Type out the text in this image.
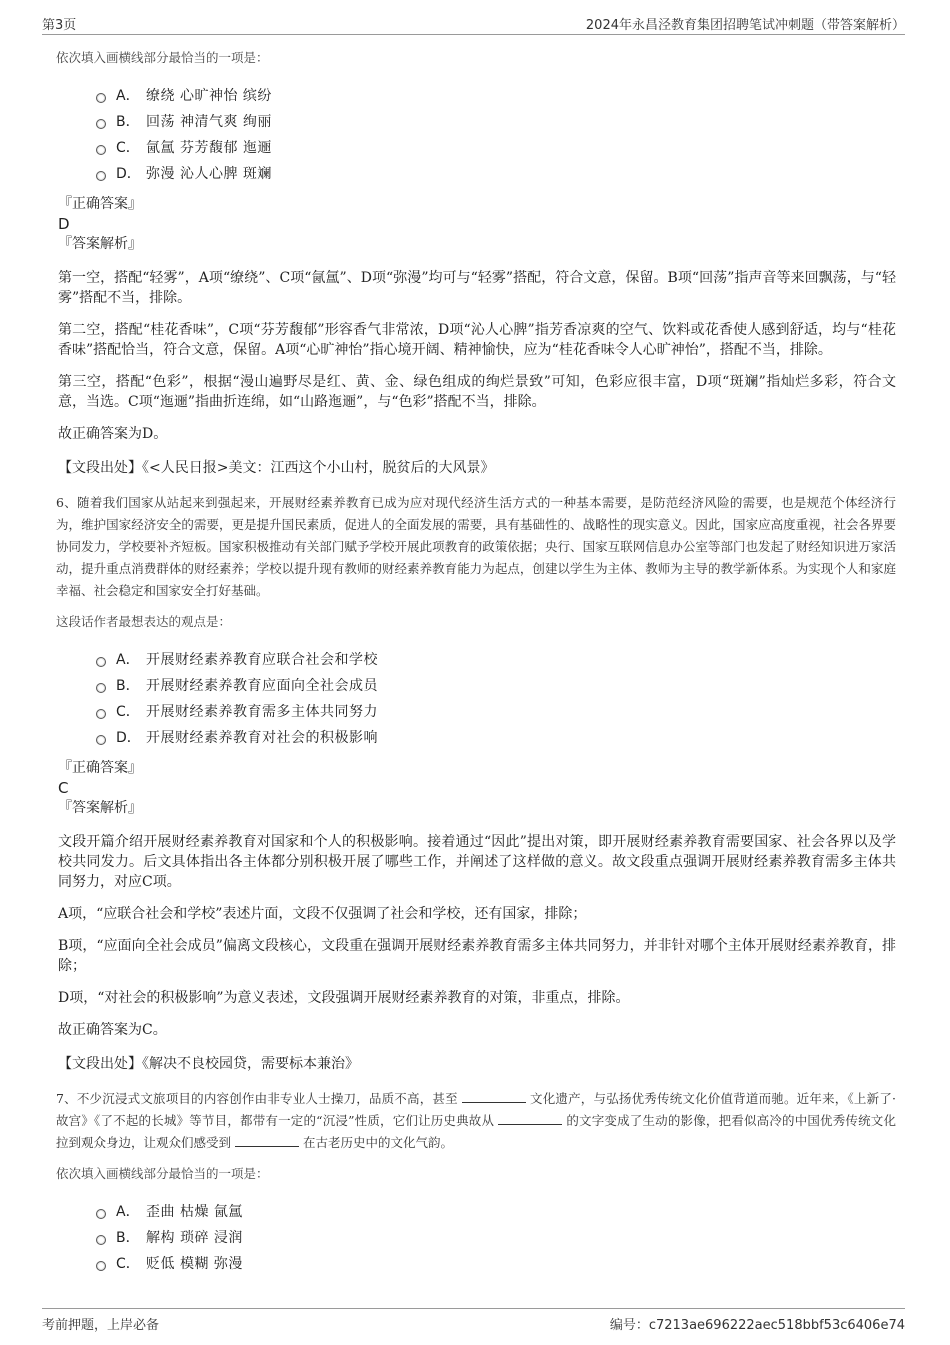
第3页	2024年永昌泾教育集团招聘笔试冲刺题（带答案解析）
依次填入画横线部分最恰当的一项是：
A． 缭绕 心旷神怡 缤纷
B． 回荡 神清气爽 绚丽
C． 氤氲 芬芳馥郁 迤逦
D． 弥漫 沁人心脾 斑斓
『正确答案』
D
『答案解析』
第一空，搭配“轻雾”，A项“缭绕”、C项“氤氲”、D项“弥漫”均可与“轻雾”搭配，符合文意，保留。B项“回荡”指声音等来回飘荡，与“轻雾”搭配不当，排除。
第二空，搭配“桂花香味”，C项“芬芳馥郁”形容香气非常浓，D项“沁人心脾”指芳香凉爽的空气、饮料或花香使人感到舒适，均与“桂花香味”搭配恰当，符合文意，保留。A项“心旷神怡”指心境开阔、精神愉快，应为“桂花香味令人心旷神怡”，搭配不当，排除。
第三空，搭配“色彩”，根据“漫山遍野尽是红、黄、金、绿色组成的绚烂景致”可知，色彩应很丰富，D项“斑斓”指灿烂多彩，符合文意，当选。C项“迤逦”指曲折连绵，如“山路迤逦”，与“色彩”搭配不当，排除。
故正确答案为D。
【文段出处】《<人民日报>美文：江西这个小山村，脱贫后的大风景》
6、随着我们国家从站起来到强起来，开展财经素养教育已成为应对现代经济生活方式的一种基本需要，是防范经济风险的需要，也是规范个体经济行为，维护国家经济安全的需要，更是提升国民素质，促进人的全面发展的需要，具有基础性的、战略性的现实意义。因此，国家应高度重视，社会各界要协同发力，学校要补齐短板。国家积极推动有关部门赋予学校开展此项教育的政策依据；央行、国家互联网信息办公室等部门也发起了财经知识进万家活动，提升重点消费群体的财经素养；学校以提升现有教师的财经素养教育能力为起点，创建以学生为主体、教师为主导的教学新体系。为实现个人和家庭幸福、社会稳定和国家安全打好基础。
这段话作者最想表达的观点是：
A． 开展财经素养教育应联合社会和学校
B． 开展财经素养教育应面向全社会成员
C． 开展财经素养教育需多主体共同努力
D． 开展财经素养教育对社会的积极影响
『正确答案』
C
『答案解析』
文段开篇介绍开展财经素养教育对国家和个人的积极影响。接着通过“因此”提出对策，即开展财经素养教育需要国家、社会各界以及学校共同发力。后文具体指出各主体都分别积极开展了哪些工作，并阐述了这样做的意义。故文段重点强调开展财经素养教育需多主体共同努力，对应C项。
A项，“应联合社会和学校”表述片面，文段不仅强调了社会和学校，还有国家，排除；
B项，“应面向全社会成员”偏离文段核心，文段重在强调开展财经素养教育需多主体共同努力，并非针对哪个主体开展财经素养教育，排除；
D项，“对社会的积极影响”为意义表述，文段强调开展财经素养教育的对策，非重点，排除。
故正确答案为C。
【文段出处】《解决不良校园贷，需要标本兼治》
7、不少沉浸式文旅项目的内容创作由非专业人士操刀，品质不高，甚至	文化遗产，与弘扬优秀传统文化价值背道而驰。近年来，《上新了·故宫》《了不起的长城》等节目，都带有一定的“沉浸”性质，它们让历史典故从	的文字变成了生动的影像，把看似高冷的中国优秀传统文化拉到观众身边，让观众们感受到	在古老历史中的文化气韵。
依次填入画横线部分最恰当的一项是：
A． 歪曲 枯燥 氤氲
B． 解构 琐碎 浸润
C． 贬低 模糊 弥漫
考前押题，上岸必备	编号：c7213ae696222aec518bbf53c6406e74
